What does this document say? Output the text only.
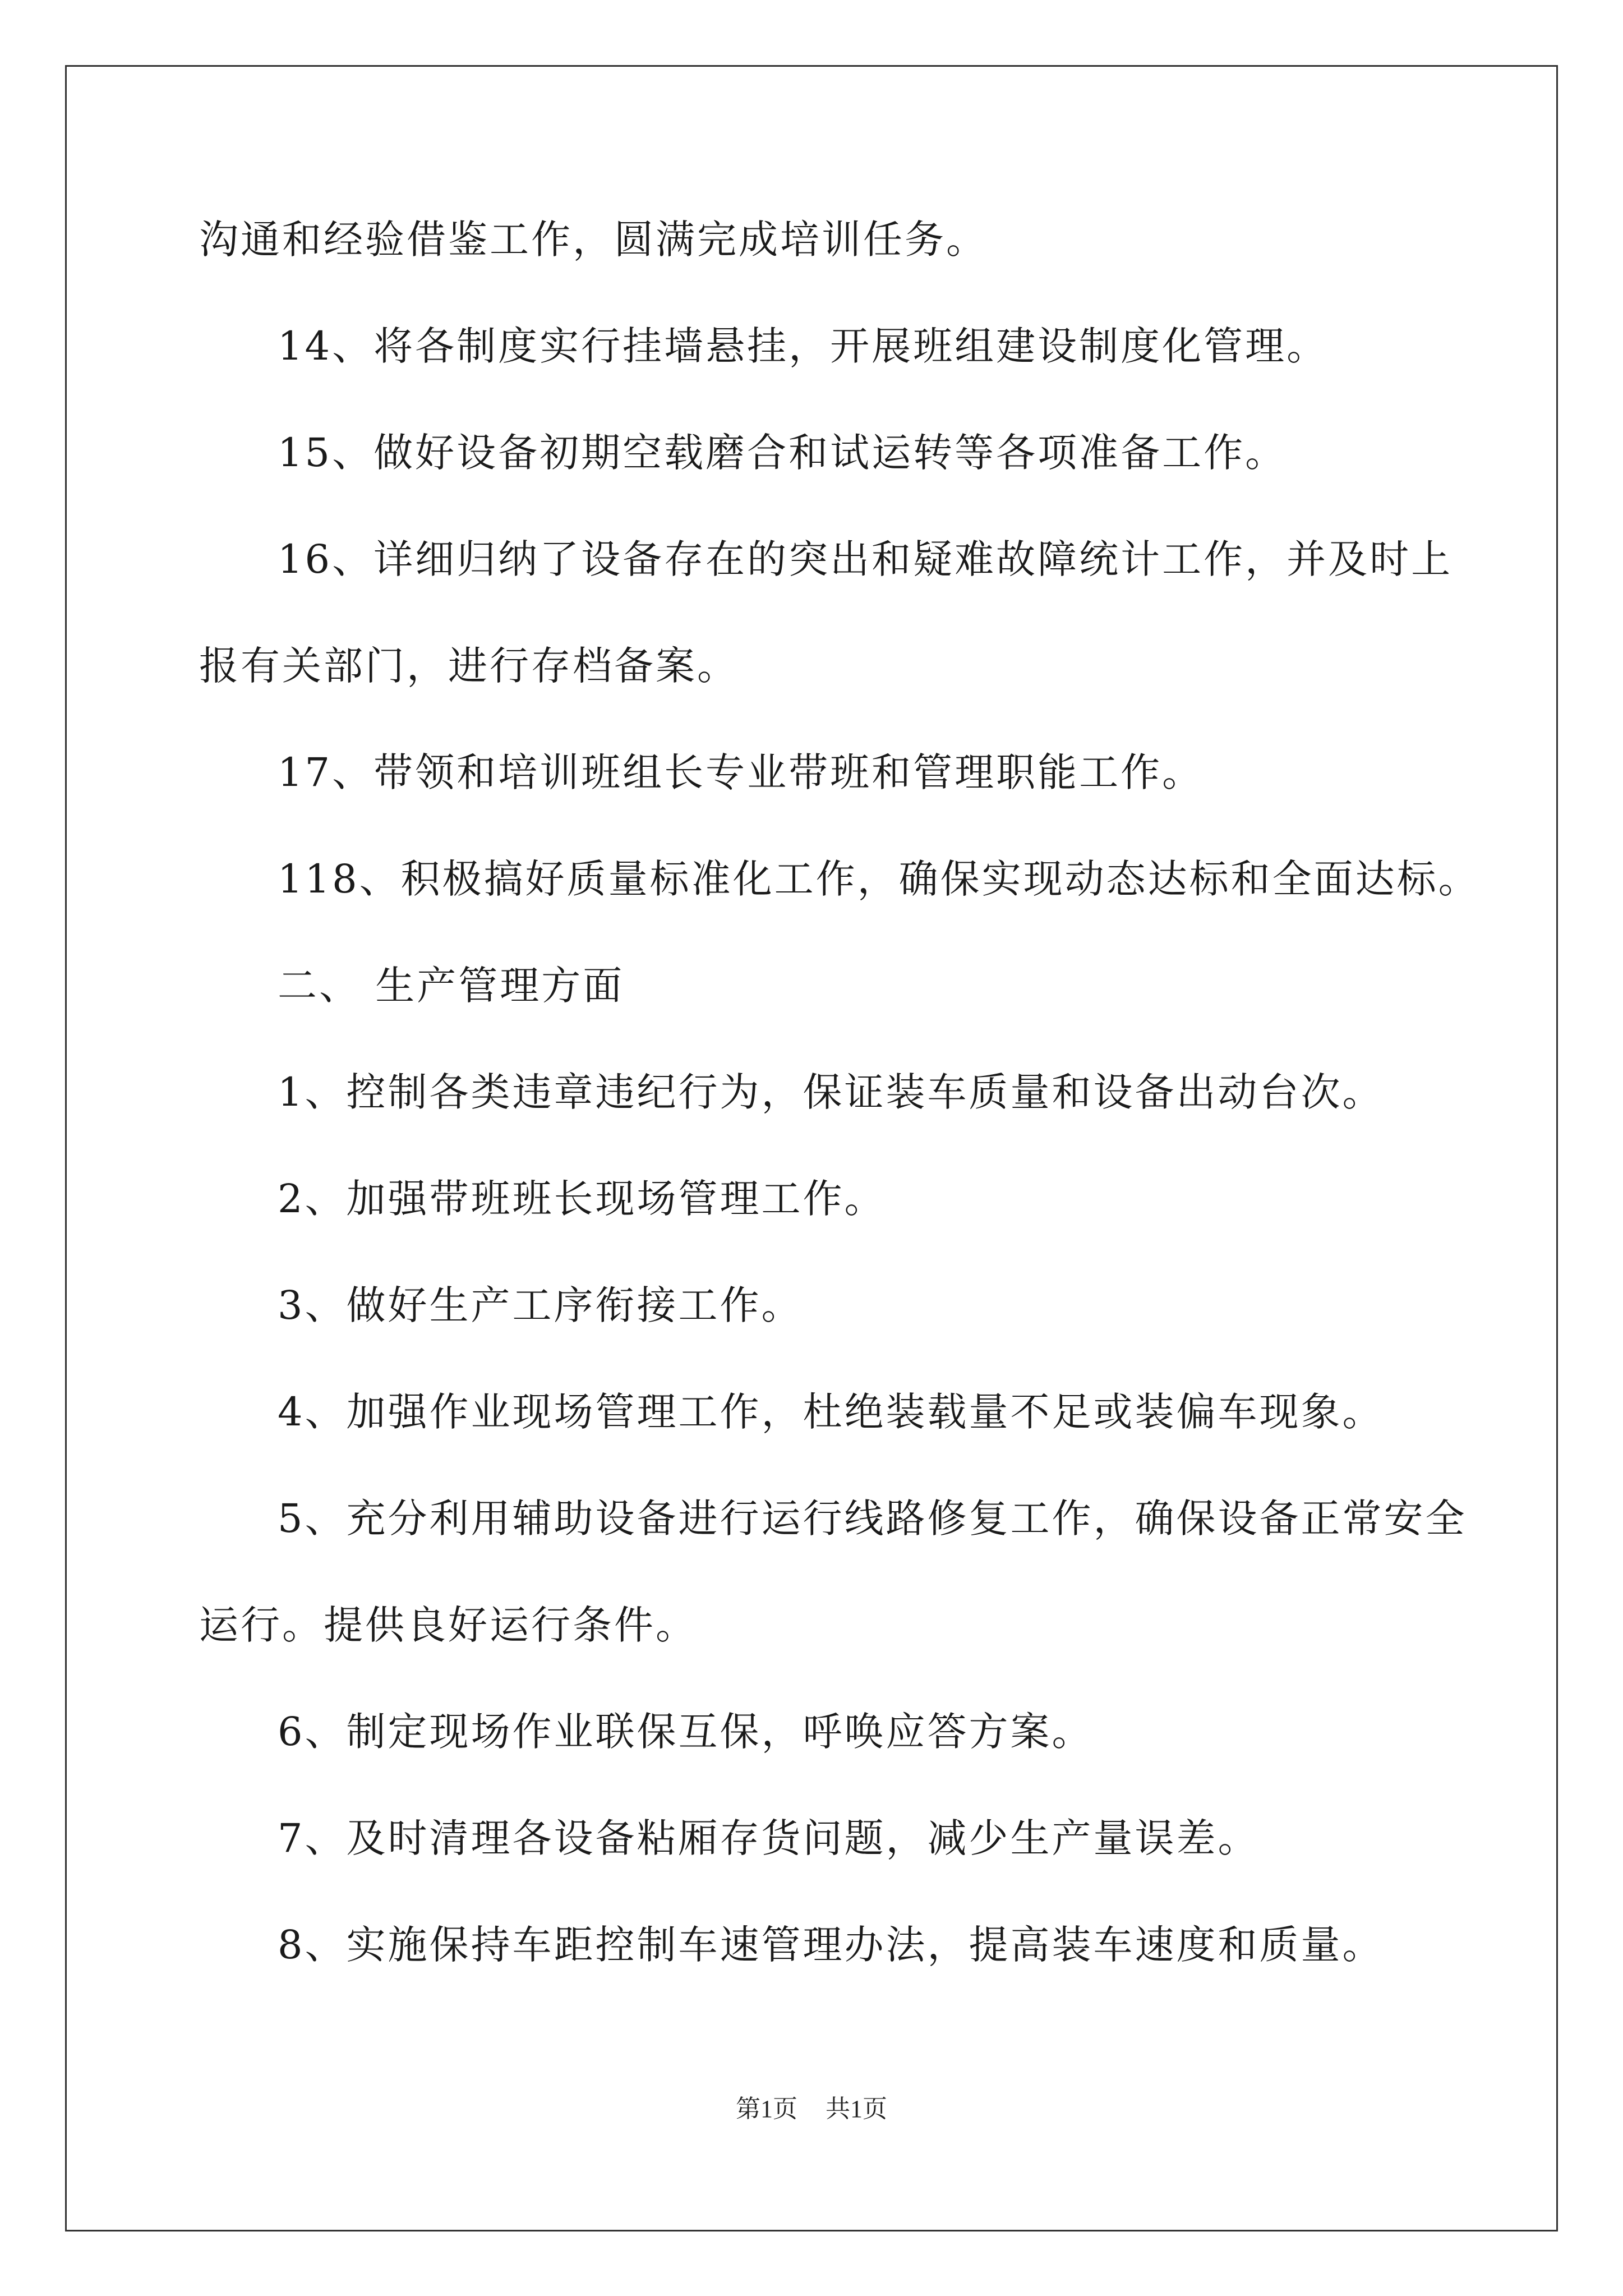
沟通和经验借鉴工作，圆满完成培训任务。
14、将各制度实行挂墙悬挂，开展班组建设制度化管理。
15、做好设备初期空载磨合和试运转等各项准备工作。
16、详细归纳了设备存在的突出和疑难故障统计工作，并及时上
报有关部门，进行存档备案。
17、带领和培训班组长专业带班和管理职能工作。
118、积极搞好质量标准化工作，确保实现动态达标和全面达标。
二、 生产管理方面
1、控制各类违章违纪行为，保证装车质量和设备出动台次。
2、加强带班班长现场管理工作。
3、做好生产工序衔接工作。
4、加强作业现场管理工作，杜绝装载量不足或装偏车现象。
5、充分利用辅助设备进行运行线路修复工作，确保设备正常安全
运行。提供良好运行条件。
6、制定现场作业联保互保，呼唤应答方案。
7、及时清理各设备粘厢存货问题，减少生产量误差。
8、实施保持车距控制车速管理办法，提高装车速度和质量。
第1页 共1页
